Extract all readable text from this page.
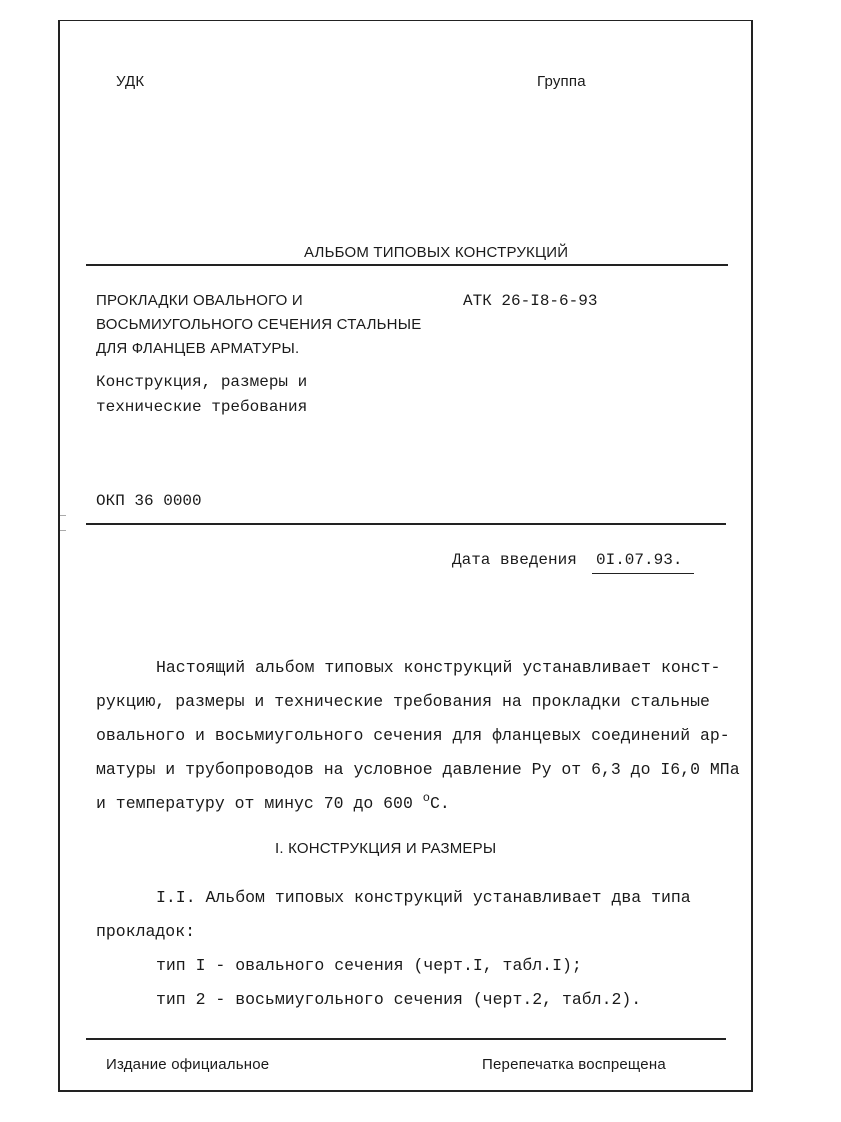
УДК	Группа
АЛЬБОМ ТИПОВЫХ КОНСТРУКЦИЙ
ПРОКЛАДКИ ОВАЛЬНОГО И
ВОСЬМИУГОЛЬНОГО СЕЧЕНИЯ СТАЛЬНЫЕ
ДЛЯ ФЛАНЦЕВ АРМАТУРЫ.
Конструкция, размеры и
технические требования
АТК 26-I8-6-93
ОКП 36 0000
Дата введения 0I.07.93.
Настоящий альбом типовых конструкций устанавливает конст-
рукцию, размеры и технические требования на прокладки стальные
овального и восьмиугольного сечения для фланцевых соединений ар-
матуры и трубопроводов на условное давление Ру от 6,3 до I6,0 МПа
и температуру от минус 70 до 600 $^о$С.
I. КОНСТРУКЦИЯ И РАЗМЕРЫ
I.I. Альбом типовых конструкций устанавливает два типа
прокладок:
тип I - овального сечения (черт.I, табл.I);
тип 2 - восьмиугольного сечения (черт.2, табл.2).
Издание официальное	Перепечатка воспрещена
